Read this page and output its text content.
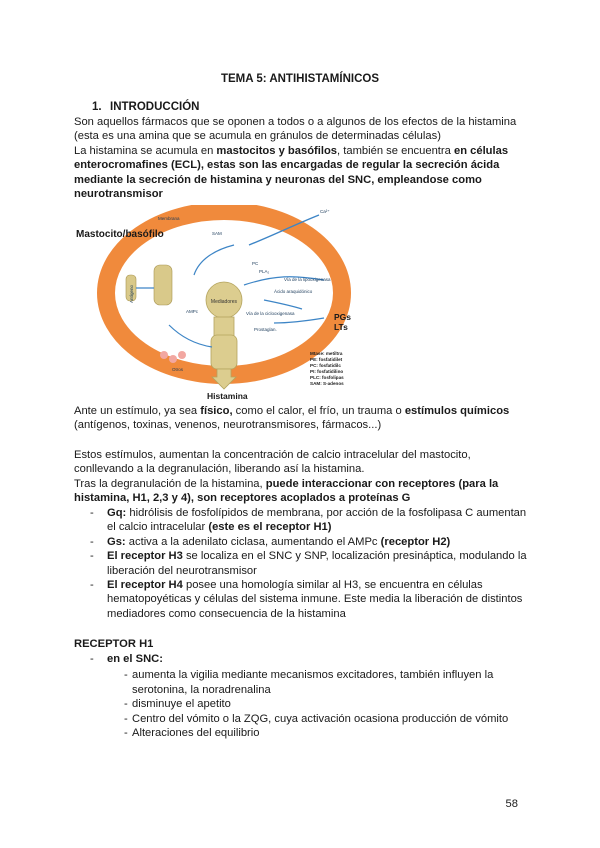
TEMA 5: ANTIHISTAMÍNICOS
1. INTRODUCCIÓN

Son aquellos fármacos que se oponen a todos o a algunos de los efectos de la histamina (esta es una amina que se acumula en gránulos de determinadas células)

La histamina se acumula en mastocitos y basófilos, también se encuentra en células enterocromafines (ECL), estas son las encargadas de regular la secreción ácida mediante la secreción de histamina y neuronas del SNC, empleandose como neurotransmisor

Mediadores
Ca²⁺
Membrana
PC
AMPc
Ácido araquidónico
Vía de la ciclooxigenasa
Vía de la lipooxigenasa
Prostaglan.
PLA₂
Otros
SAM
Antígeno
Mastocito/basófilo
Histamina
PGs
LTs
Mtase: metiltra
PE: fosfatidilet
PC: fosfatidilc
PI: fosfatidilino
PLC: fosfolipas
SAM: S-adenos

Ante un estímulo, ya sea físico, como el calor, el frío, un trauma o estímulos químicos (antígenos, toxinas, venenos, neurotransmisores, fármacos...)

Estos estímulos, aumentan la concentración de calcio intracelular del mastocito, conllevando a la degranulación, liberando así la histamina.

Tras la degranulación de la histamina, puede interaccionar con receptores (para la histamina, H1, 2,3 y 4), son receptores acoplados a proteínas G

- Gq: hidrólisis de fosfolípidos de membrana, por acción de la fosfolipasa C aumentan el calcio intracelular (este es el receptor H1)
- Gs: activa a la adenilato ciclasa, aumentando el AMPc (receptor H2)
- El receptor H3 se localiza en el SNC y SNP, localización presináptica, modulando la liberación del neurotransmisor
- El receptor H4 posee una homología similar al H3, se encuentra en células hematopoyéticas y células del sistema inmune. Este media la liberación de distintos mediadores como consecuencia de la histamina
RECEPTOR H1
- en el SNC:
- aumenta la vigilia mediante mecanismos excitadores, también influyen la serotonina, la noradrenalina
- disminuye el apetito
- Centro del vómito o la ZQG, cuya activación ocasiona producción de vómito
- Alteraciones del equilibrio
58
